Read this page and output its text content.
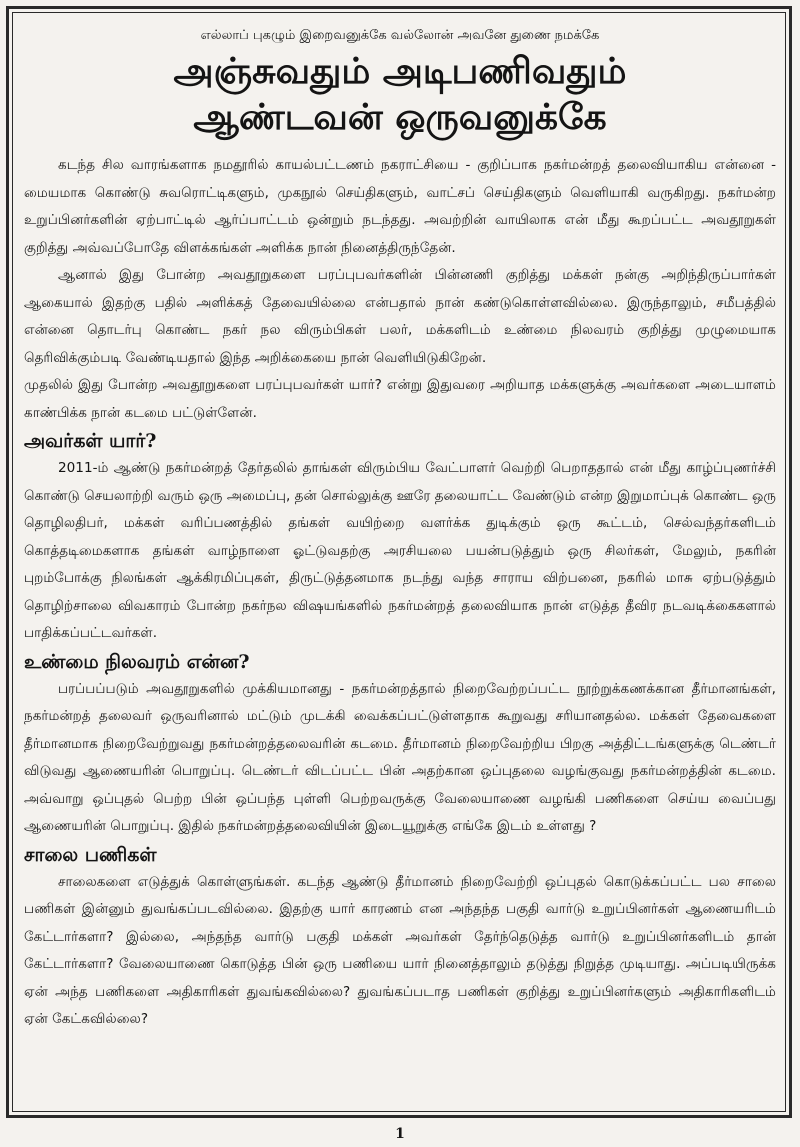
எல்லாப் புகழும் இறைவனுக்கே வல்லோன் அவனே துணை நமக்கே

அஞ்சுவதும் அடிபணிவதும்

ஆண்டவன் ஒருவனுக்கே

கடந்த சில வாரங்களாக நமதூரில் காயல்பட்டணம் நகராட்சியை - குறிப்பாக நகர்மன்றத் தலைவியாகிய என்னை - மையமாக கொண்டு சுவரொட்டிகளும், முகநூல் செய்திகளும், வாட்சப் செய்திகளும் வெளியாகி வருகிறது. நகர்மன்ற உறுப்பினர்களின் ஏற்பாட்டில் ஆர்ப்பாட்டம் ஒன்றும் நடந்தது. அவற்றின் வாயிலாக என் மீது கூறப்பட்ட அவதூறுகள் குறித்து அவ்வப்போதே விளக்கங்கள் அளிக்க நான் நினைத்திருந்தேன்.

ஆனால் இது போன்ற அவதூறுகளை பரப்புபவர்களின் பின்னணி குறித்து மக்கள் நன்கு அறிந்திருப்பார்கள் ஆகையால் இதற்கு பதில் அளிக்கத் தேவையில்லை என்பதால் நான் கண்டுகொள்ளவில்லை. இருந்தாலும், சமீபத்தில் என்னை தொடர்பு கொண்ட நகர் நல விரும்பிகள் பலர், மக்களிடம் உண்மை நிலவரம் குறித்து முழுமையாக தெரிவிக்கும்படி வேண்டியதால் இந்த அறிக்கையை நான் வெளியிடுகிறேன்.

முதலில் இது போன்ற அவதூறுகளை பரப்புபவர்கள் யார்? என்று இதுவரை அறியாத மக்களுக்கு அவர்களை அடையாளம் காண்பிக்க நான் கடமை பட்டுள்ளேன்.

அவர்கள் யார்?

2011-ம் ஆண்டு நகர்மன்றத் தேர்தலில் தாங்கள் விரும்பிய வேட்பாளர் வெற்றி பெறாததால் என் மீது காழ்ப்புணர்ச்சி கொண்டு செயலாற்றி வரும் ஒரு அமைப்பு, தன் சொல்லுக்கு ஊரே தலையாட்ட வேண்டும் என்ற இறுமாப்புக் கொண்ட ஒரு தொழிலதிபர், மக்கள் வரிப்பணத்தில் தங்கள் வயிற்றை வளர்க்க துடிக்கும் ஒரு கூட்டம், செல்வந்தர்களிடம் கொத்தடிமைகளாக தங்கள் வாழ்நாளை ஓட்டுவதற்கு அரசியலை பயன்படுத்தும் ஒரு சிலர்கள், மேலும், நகரின் புறம்போக்கு நிலங்கள் ஆக்கிரமிப்புகள், திருட்டுத்தனமாக நடந்து வந்த சாராய விற்பனை, நகரில் மாசு ஏற்படுத்தும் தொழிற்சாலை விவகாரம் போன்ற நகர்நல விஷயங்களில் நகர்மன்றத் தலைவியாக நான் எடுத்த தீவிர நடவடிக்கைகளால் பாதிக்கப்பட்டவர்கள்.

உண்மை நிலவரம் என்ன?

பரப்பப்படும் அவதூறுகளில் முக்கியமானது - நகர்மன்றத்தால் நிறைவேற்றப்பட்ட நூற்றுக்கணக்கான தீர்மானங்கள், நகர்மன்றத் தலைவர் ஒருவரினால் மட்டும் முடக்கி வைக்கப்பட்டுள்ளதாக கூறுவது சரியானதல்ல. மக்கள் தேவைகளை தீர்மானமாக நிறைவேற்றுவது நகர்மன்றத்தலைவரின் கடமை. தீர்மானம் நிறைவேற்றிய பிறகு அத்திட்டங்களுக்கு டெண்டர் விடுவது ஆணையரின் பொறுப்பு. டெண்டர் விடப்பட்ட பின் அதற்கான ஒப்புதலை வழங்குவது நகர்மன்றத்தின் கடமை. அவ்வாறு ஒப்புதல் பெற்ற பின் ஒப்பந்த புள்ளி பெற்றவருக்கு வேலையாணை வழங்கி பணிகளை செய்ய வைப்பது ஆணையரின் பொறுப்பு. இதில் நகர்மன்றத்தலைவியின் இடையூறுக்கு எங்கே இடம் உள்ளது ?

சாலை பணிகள்

சாலைகளை எடுத்துக் கொள்ளுங்கள். கடந்த ஆண்டு தீர்மானம் நிறைவேற்றி ஒப்புதல் கொடுக்கப்பட்ட பல சாலை பணிகள் இன்னும் துவங்கப்படவில்லை. இதற்கு யார் காரணம் என அந்தந்த பகுதி வார்டு உறுப்பினர்கள் ஆணையரிடம் கேட்டார்களா? இல்லை, அந்தந்த வார்டு பகுதி மக்கள் அவர்கள் தேர்ந்தெடுத்த வார்டு உறுப்பினர்களிடம் தான் கேட்டார்களா? வேலையாணை கொடுத்த பின் ஒரு பணியை யார் நினைத்தாலும் தடுத்து நிறுத்த முடியாது. அப்படியிருக்க ஏன் அந்த பணிகளை அதிகாரிகள் துவங்கவில்லை? துவங்கப்படாத பணிகள் குறித்து உறுப்பினர்களும் அதிகாரிகளிடம் ஏன் கேட்கவில்லை?

1
